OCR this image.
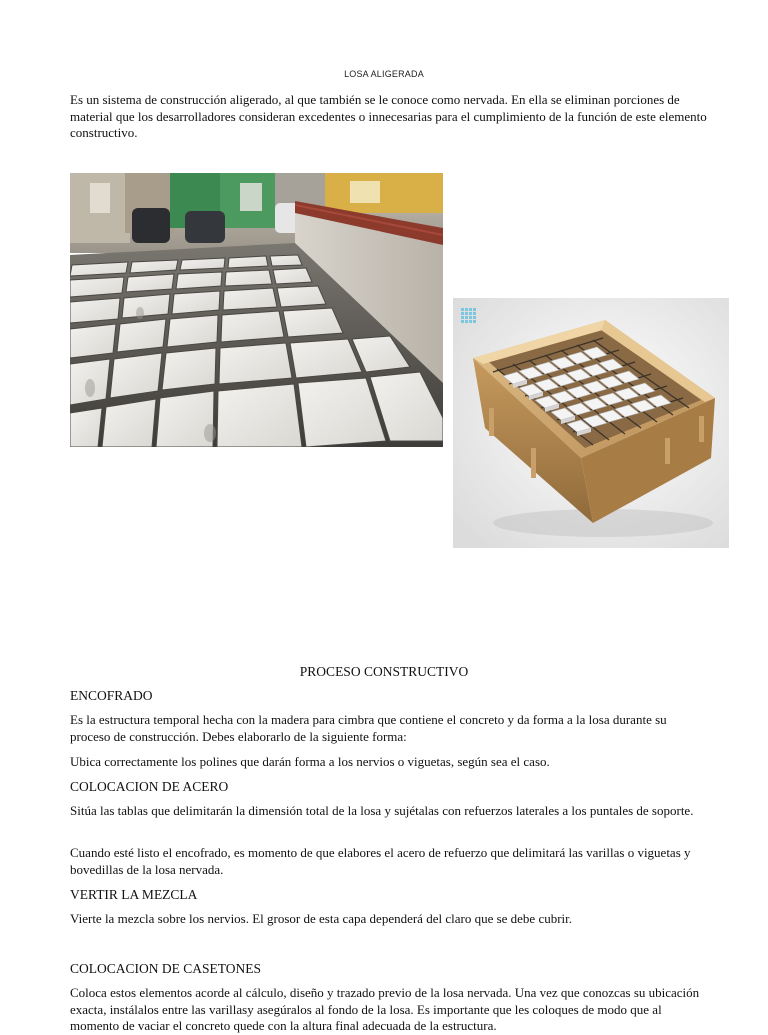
LOSA ALIGERADA

Es un sistema de construcción aligerado, al que también se le conoce como nervada. En ella se eliminan porciones de material que los desarrolladores consideran excedentes o innecesarias para el cumplimiento de la función de este elemento constructivo.

PROCESO CONSTRUCTIVO
ENCOFRADO

Es la estructura temporal hecha con la madera para cimbra que contiene el concreto y da forma a la losa durante su proceso de construcción. Debes elaborarlo de la siguiente forma:

Ubica correctamente los polines que darán forma a los nervios o viguetas, según sea el caso.

COLOCACION DE ACERO

Sitúa las tablas que delimitarán la dimensión total de la losa y sujétalas con refuerzos laterales a los puntales de soporte.

Cuando esté listo el encofrado, es momento de que elabores el acero de refuerzo que delimitará las varillas o viguetas y bovedillas de la losa nervada.

VERTIR LA MEZCLA

Vierte la mezcla sobre los nervios. El grosor de esta capa dependerá del claro que se debe cubrir.

COLOCACION DE CASETONES

Coloca estos elementos acorde al cálculo, diseño y trazado previo de la losa nervada. Una vez que conozcas su ubicación exacta, instálalos entre las varillasy asegúralos al fondo de la losa. Es importante que les coloques de modo que al momento de vaciar el concreto quede con la altura final adecuada de la estructura.
